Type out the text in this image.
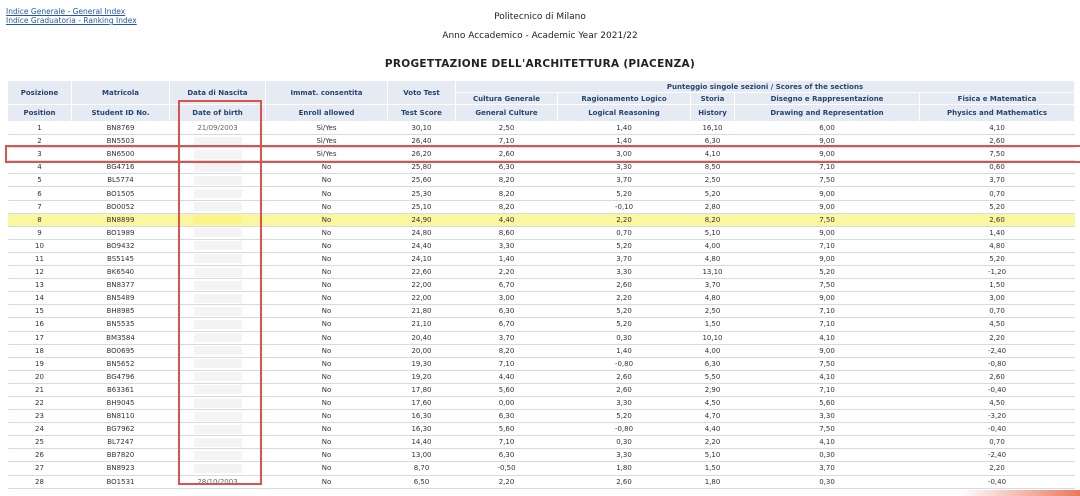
Indice Generale - General Index
Indice Graduatoria - Ranking Index	Politecnico di Milano
Anno Accademico - Academic Year 2021/22
PROGETTAZIONE DELL'ARCHITETTURA (PIACENZA)
Posizione	Matricola	Data di Nascita	Immat. consentita	Voto Test	Punteggio singole sezioni / Scores of the sections				
					Cultura Generale	Ragionamento Logico	Storia	Disegno e Rappresentazione	Fisica e Matematica
Position	Student ID No.	Date of birth	Enroll allowed	Test Score	General Culture	Logical Reasoning	History	Drawing and Representation	Physics and Mathematics
1	BN8769	21/09/2003	Sì/Yes	30,10	2,50	1,40	16,10	6,00	4,10
2	BN5503		Sì/Yes	26,40	7,10	1,40	6,30	9,00	2,60
3	BN6500		Sì/Yes	26,20	2,60	3,00	4,10	9,00	7,50
4	BG4716		No	25,80	6,30	3,30	8,50	7,10	0,60
5	BL5774		No	25,60	8,20	3,70	2,50	7,50	3,70
6	BO1505		No	25,30	8,20	5,20	5,20	9,00	0,70
7	BO0052		No	25,10	8,20	-0,10	2,80	9,00	5,20
8	BN8899		No	24,90	4,40	2,20	8,20	7,50	2,60
9	BO1989		No	24,80	8,60	0,70	5,10	9,00	1,40
10	BO9432		No	24,40	3,30	5,20	4,00	7,10	4,80
11	BS5145		No	24,10	1,40	3,70	4,80	9,00	5,20
12	BK6540		No	22,60	2,20	3,30	13,10	5,20	-1,20
13	BN8377		No	22,00	6,70	2,60	3,70	7,50	1,50
14	BN5489		No	22,00	3,00	2,20	4,80	9,00	3,00
15	BH8985		No	21,80	6,30	5,20	2,50	7,10	0,70
16	BN5535		No	21,10	6,70	5,20	1,50	7,10	4,50
17	BM3584		No	20,40	3,70	0,30	10,10	4,10	2,20
18	BO0695		No	20,00	8,20	1,40	4,00	9,00	-2,40
19	BN5652		No	19,30	7,10	-0,80	6,30	7,50	-0,80
20	BG4796		No	19,20	4,40	2,60	5,50	4,10	2,60
21	B63361		No	17,80	5,60	2,60	2,90	7,10	-0,40
22	BH9045		No	17,60	0,00	3,30	4,50	5,60	4,50
23	BN8110		No	16,30	6,30	5,20	4,70	3,30	-3,20
24	BG7962		No	16,30	5,60	-0,80	4,40	7,50	-0,40
25	BL7247		No	14,40	7,10	0,30	2,20	4,10	0,70
26	BB7820		No	13,00	6,30	3,30	5,10	0,30	-2,40
27	BN8923		No	8,70	-0,50	1,80	1,50	3,70	2,20
28	BO1531	28/10/2003	No	6,50	2,20	2,60	1,80	0,30	-0,40
